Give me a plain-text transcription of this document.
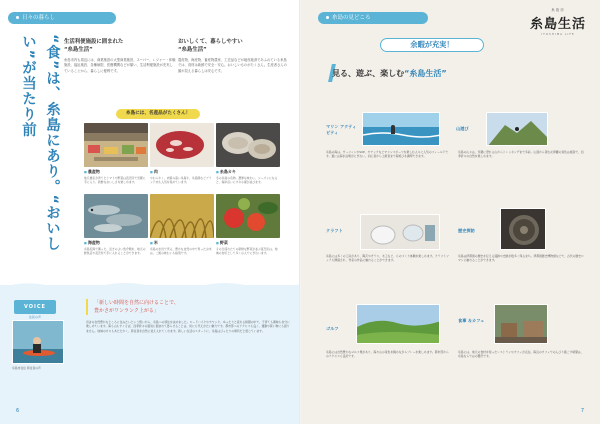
日々の暮らし
“食”は、糸島にあり。“おいしい”が当たり前	生活利便施設に囲まれた
“糸島生活”

糸島市内も周辺には、商業施設の大型商業施設、スーパー、レジャー・体験施設、福祉施設、各種病院、医療機関などが揃い、生活利便施設が充実していることから、暮らしに便利です。

おいしくて、暮らしやすい
“糸島生活”

農産物、海産物、畜産物農家、工芸品などが地産地消であふれている糸島では、食材は新鮮で安全・安心。おいしいものがたくさん。生産者さんの顔が見える暮らしは安心です。

糸島には、名産品がたくさん！
■ 農産物
地元農家が育てたトマトや野菜は直売所で気軽に手に入り、新鮮なおいしさを楽しめます。
■ 肉
やわらかく、肉質の高い糸島牛、糸島豚などブランド肉も人気を集めています。
■ 糸島カキ
冬の糸島の名物。濃厚な味わい、シーズンになると、海岸沿いにカキ小屋が並びます。
■ 海産物
糸島近海で獲った、活きのよい魚介類を、地元の鮮魚店や直売所で手に入れることができます。
■ 米
糸島の水田で実る、豊かな自然の中で育ったお米は、ご飯の味わいも格別です。
■ 野菜
その日採れたての新鮮な野菜が並ぶ直売所は、地域の台所として多くの人でにぎわいます。
VOICE
住民の声
糸島市在住 移住者の声

「新しい時間を自然に向けることで、

豊かさがワンランク上がる」

田舎の自然豊かなところに住みたいという想いから、糸島への移住を決めました。ロードバイクやカヤック、ゆったりと流れる時間の中で、子育ても趣味も存分に楽しめています。海も山もすぐそば、四季折々の風景に囲まれて暮らせることは、何にも代えがたい魅力です。都市部へのアクセスも良く、通勤や買い物にも困りません。地域の方々もあたたかく、移住者を自然に迎え入れてくれます。新しい生活のスタートに、糸島はぴったりの場所だと感じています。
6
糸島の見どころ
糸島市
糸島生活
ITOSHIMA LIFE
余暇が充実！
見る、遊ぶ、楽しむ“糸島生活”
マリン アクティビティ
糸島の海は、サーフィンやSUP、カヤックなどマリンスポーツを楽しむ人々に人気のフィールドです。夏には海水浴場がにぎわい、初心者から上級者まで海遊びを満喫できます。
山遊び
糸島の山々は、気軽に登れる山からトレッキングまで多彩。山頂から望む玄界灘の景色は格別で、四季折々の自然を楽しめます。
クラフト
糸島には多くの工房があり、陶芸やガラス、木工など、ものづくり体験を楽しめます。クラフトフェアも開催され、作家の作品に触れることができます。
歴史探訪
糸島は伊都国の歴史を伝える遺跡や史跡が数多く残るまち。伊都国歴史博物館などで、古代の歴史ロマンに触れることができます。
ゴルフ
糸島には自然豊かなゴルフ場があり、海や山の景色を眺めながらプレーを楽しめます。都市部からのアクセスも良好です。
食事 ＆カフェ
糸島には、地元の食材を使ったレストランやカフェが点在。海辺のカフェでのんびり過ごす時間は、糸島ならではの贅沢です。
7
